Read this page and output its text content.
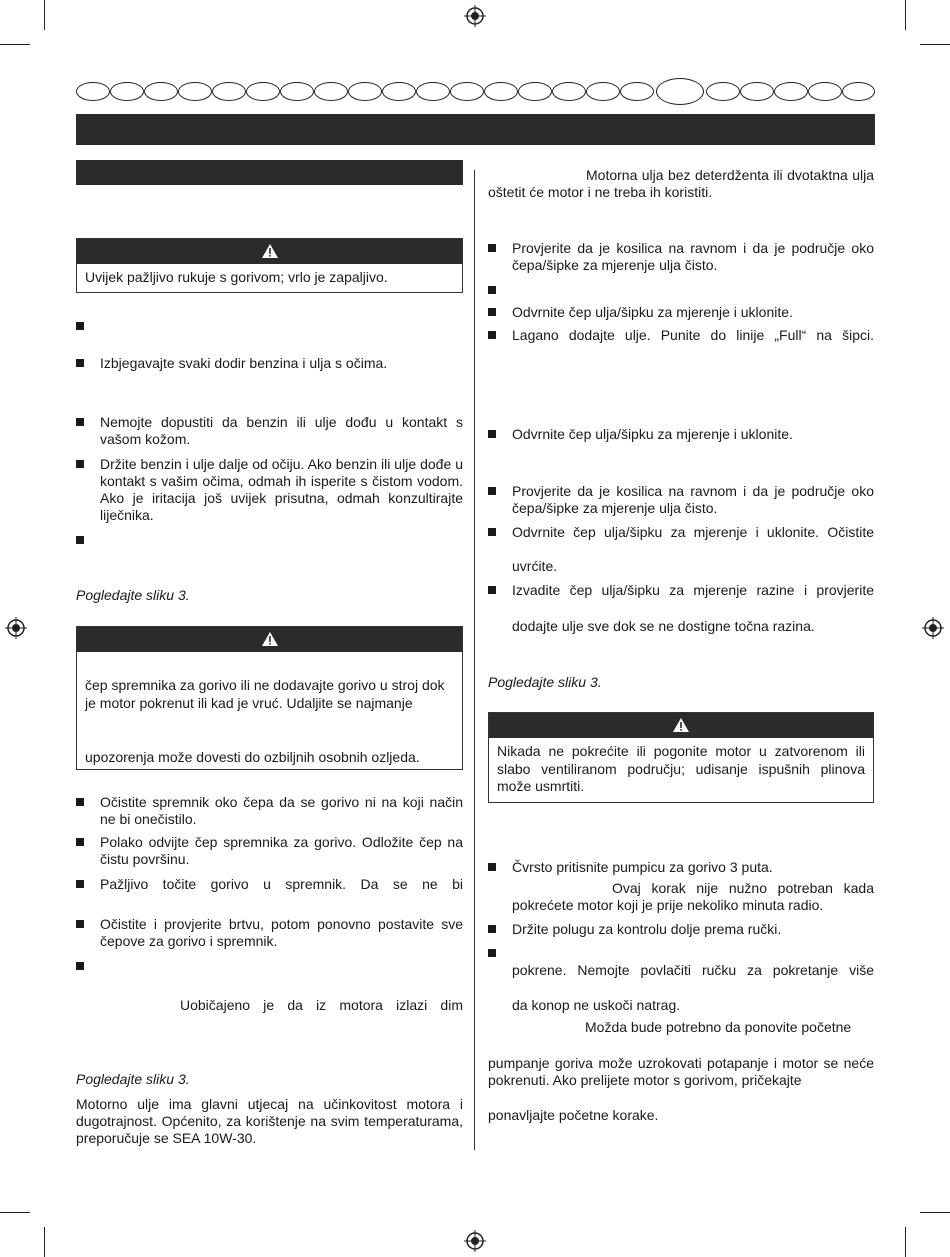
Uvijek pažljivo rukuje s gorivom; vrlo je zapaljivo.
Izbjegavajte svaki dodir benzina i ulja s očima.
Nemojte dopustiti da benzin ili ulje dođu u kontakt s vašom kožom.
Držite benzin i ulje dalje od očiju. Ako benzin ili ulje dođe u kontakt s vašim očima, odmah ih isperite s čistom vodom. Ako je iritacija još uvijek prisutna, odmah konzultirajte liječnika.
Pogledajte sliku 3.
čep spremnika za gorivo ili ne dodavajte gorivo u stroj dok je motor pokrenut ili kad je vruć. Udaljite se najmanje
upozorenja može dovesti do ozbiljnih osobnih ozljeda.
Očistite spremnik oko čepa da se gorivo ni na koji način ne bi onečistilo.
Polako odvijte čep spremnika za gorivo. Odložite čep na čistu površinu.
Pažljivo točite gorivo u spremnik. Da se ne bi
Očistite i provjerite brtvu, potom ponovno postavite sve čepove za gorivo i spremnik.
Uobičajeno je da iz motora izlazi dim
Pogledajte sliku 3.
Motorno ulje ima glavni utjecaj na učinkovitost motora i dugotrajnost. Općenito, za korištenje na svim temperaturama, preporučuje se SEA 10W-30.
Motorna ulja bez deterdženta ili dvotaktna ulja oštetit će motor i ne treba ih koristiti.
Provjerite da je kosilica na ravnom i da je područje oko čepa/šipke za mjerenje ulja čisto.
Odvrnite čep ulja/šipku za mjerenje i uklonite.
Lagano dodajte ulje. Punite do linije „Full“ na šipci.
Odvrnite čep ulja/šipku za mjerenje i uklonite.
Provjerite da je kosilica na ravnom i da je područje oko čepa/šipke za mjerenje ulja čisto.
Odvrnite čep ulja/šipku za mjerenje i uklonite. Očistite
uvrćite.
Izvadite čep ulja/šipku za mjerenje razine i provjerite
dodajte ulje sve dok se ne dostigne točna razina.
Pogledajte sliku 3.
Nikada ne pokrećite ili pogonite motor u zatvorenom ili slabo ventiliranom području; udisanje ispušnih plinova može usmrtiti.
Čvrsto pritisnite pumpicu za gorivo 3 puta.
Ovaj korak nije nužno potreban kada pokrećete motor koji je prije nekoliko minuta radio.
Držite polugu za kontrolu dolje prema ručki.
pokrene. Nemojte povlačiti ručku za pokretanje više
da konop ne uskoči natrag.
Možda bude potrebno da ponovite početne
pumpanje goriva može uzrokovati potapanje i motor se neće pokrenuti. Ako prelijete motor s gorivom, pričekajte
ponavljajte početne korake.
